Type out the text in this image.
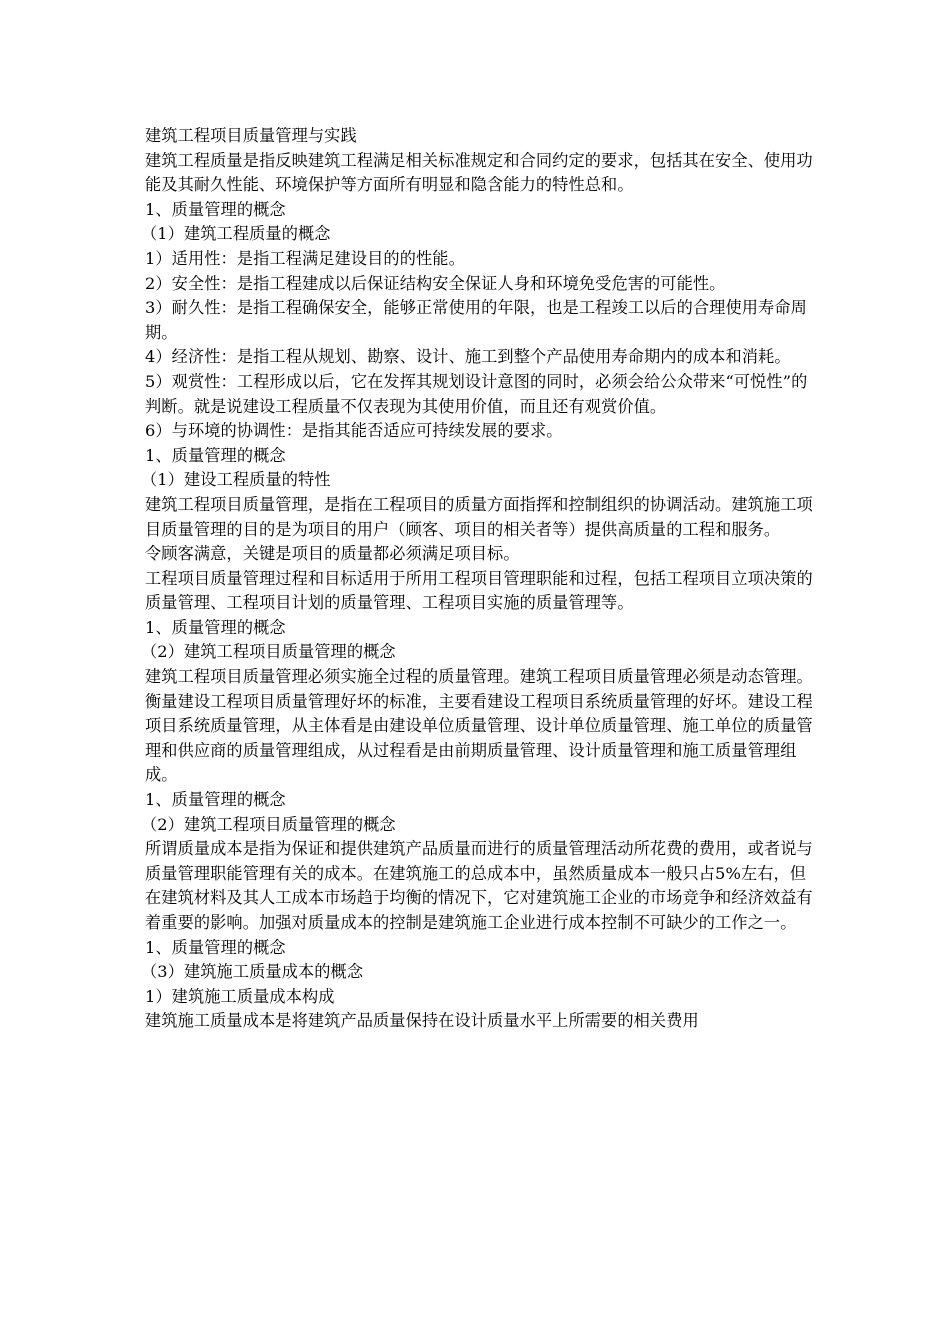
建筑工程项目质量管理与实践

建筑工程质量是指反映建筑工程满足相关标准规定和合同约定的要求，包括其在安全、使用功能及其耐久性能、环境保护等方面所有明显和隐含能力的特性总和。

1、质量管理的概念

（1）建筑工程质量的概念

1）适用性：是指工程满足建设目的的性能。

2）安全性：是指工程建成以后保证结构安全保证人身和环境免受危害的可能性。

3）耐久性：是指工程确保安全，能够正常使用的年限，也是工程竣工以后的合理使用寿命周期。

4）经济性：是指工程从规划、勘察、设计、施工到整个产品使用寿命期内的成本和消耗。

5）观赏性：工程形成以后，它在发挥其规划设计意图的同时，必须会给公众带来“可悦性”的判断。就是说建设工程质量不仅表现为其使用价值，而且还有观赏价值。

6）与环境的协调性：是指其能否适应可持续发展的要求。

1、质量管理的概念

（1）建设工程质量的特性

建筑工程项目质量管理，是指在工程项目的质量方面指挥和控制组织的协调活动。建筑施工项目质量管理的目的是为项目的用户（顾客、项目的相关者等）提供高质量的工程和服务。

令顾客满意，关键是项目的质量都必须满足项目标。

工程项目质量管理过程和目标适用于所用工程项目管理职能和过程，包括工程项目立项决策的质量管理、工程项目计划的质量管理、工程项目实施的质量管理等。

1、质量管理的概念

（2）建筑工程项目质量管理的概念

建筑工程项目质量管理必须实施全过程的质量管理。建筑工程项目质量管理必须是动态管理。

衡量建设工程项目质量管理好坏的标准，主要看建设工程项目系统质量管理的好坏。建设工程项目系统质量管理，从主体看是由建设单位质量管理、设计单位质量管理、施工单位的质量管理和供应商的质量管理组成，从过程看是由前期质量管理、设计质量管理和施工质量管理组成。

1、质量管理的概念

（2）建筑工程项目质量管理的概念

所谓质量成本是指为保证和提供建筑产品质量而进行的质量管理活动所花费的费用，或者说与质量管理职能管理有关的成本。在建筑施工的总成本中，虽然质量成本一般只占5%左右，但在建筑材料及其人工成本市场趋于均衡的情况下，它对建筑施工企业的市场竞争和经济效益有着重要的影响。加强对质量成本的控制是建筑施工企业进行成本控制不可缺少的工作之一。

1、质量管理的概念

（3）建筑施工质量成本的概念

1）建筑施工质量成本构成

建筑施工质量成本是将建筑产品质量保持在设计质量水平上所需要的相关费用
